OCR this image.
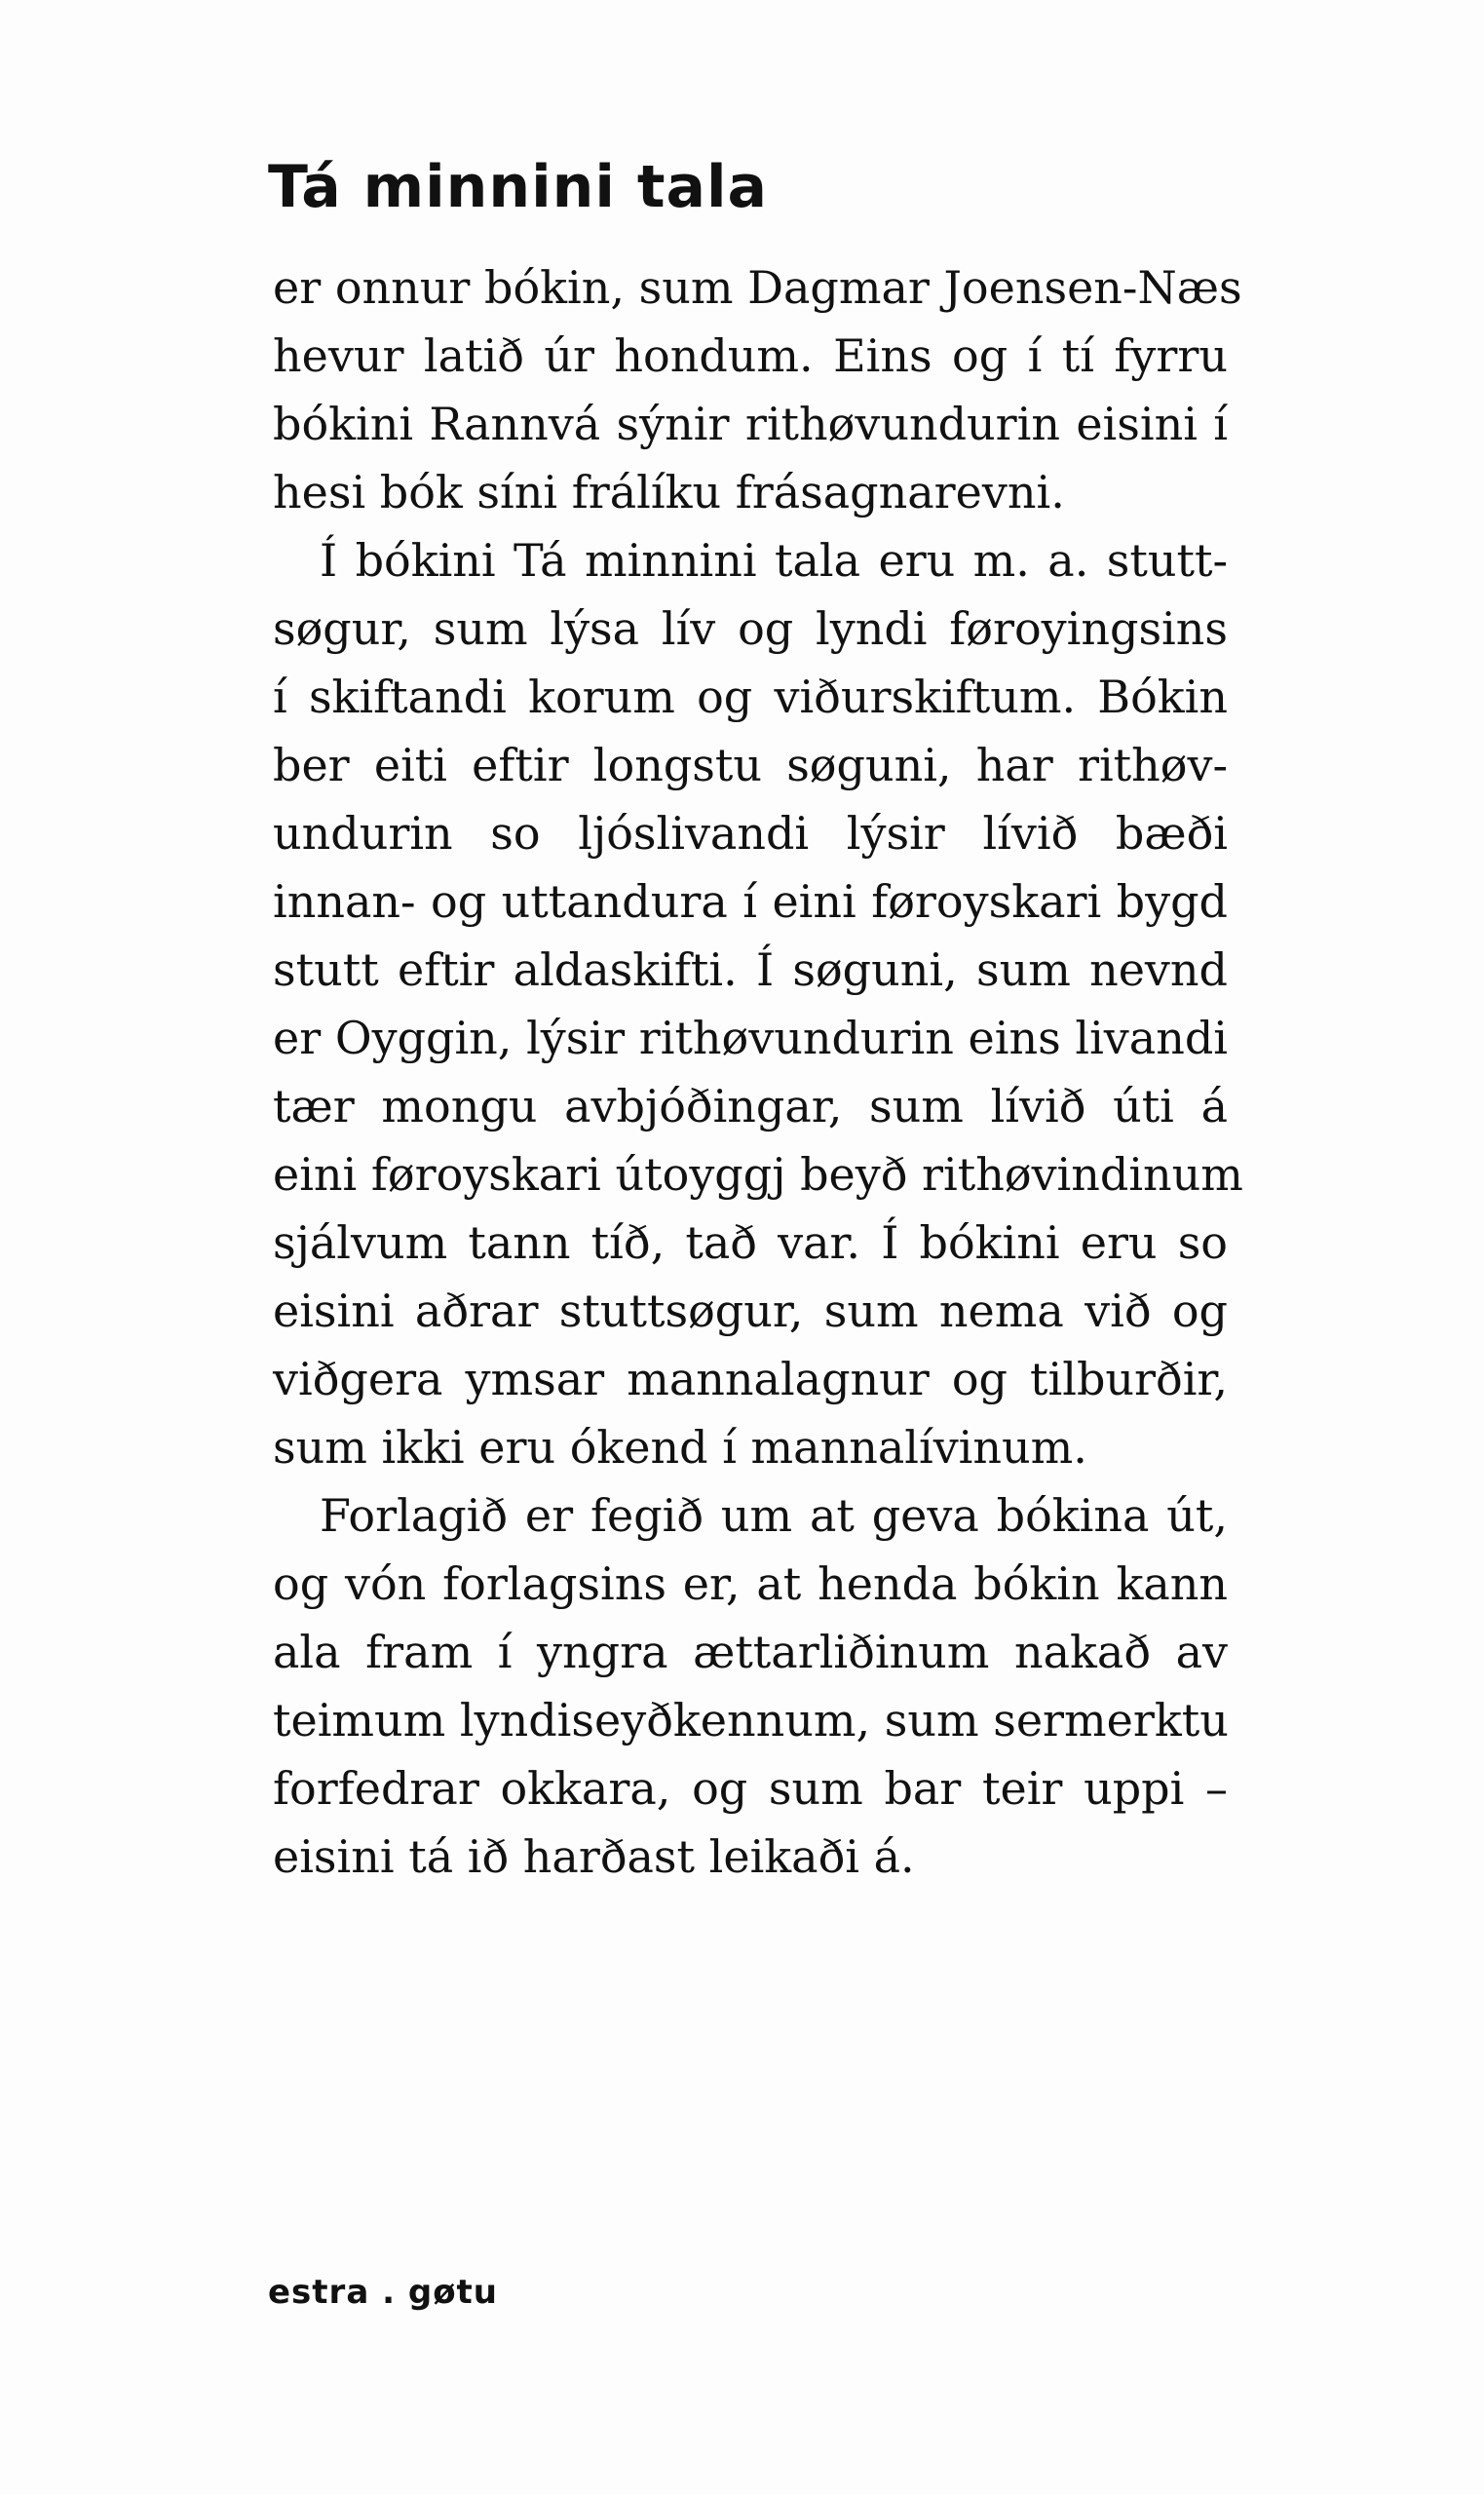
Tá minnini tala

er onnur bókin, sum Dagmar Joensen-Næs
hevur latið úr hondum. Eins og í tí fyrru
bókini Rannvá sýnir rithøvundurin eisini í
hesi bók síni frálíku frásagnarevni.

Í bókini Tá minnini tala eru m. a. stutt-
søgur, sum lýsa lív og lyndi føroyingsins
í skiftandi korum og viðurskiftum. Bókin
ber eiti eftir longstu søguni, har rithøv-
undurin so ljóslivandi lýsir lívið bæði
innan- og uttandura í eini føroyskari bygd
stutt eftir aldaskifti. Í søguni, sum nevnd
er Oyggin, lýsir rithøvundurin eins livandi
tær mongu avbjóðingar, sum lívið úti á
eini føroyskari útoyggj beyð rithøvindinum
sjálvum tann tíð, tað var. Í bókini eru so
eisini aðrar stuttsøgur, sum nema við og
viðgera ymsar mannalagnur og tilburðir,
sum ikki eru ókend í mannalívinum.

Forlagið er fegið um at geva bókina út,
og vón forlagsins er, at henda bókin kann
ala fram í yngra ættarliðinum nakað av
teimum lyndiseyðkennum, sum sermerktu
forfedrar okkara, og sum bar teir uppi –
eisini tá ið harðast leikaði á.

estra . gøtu
